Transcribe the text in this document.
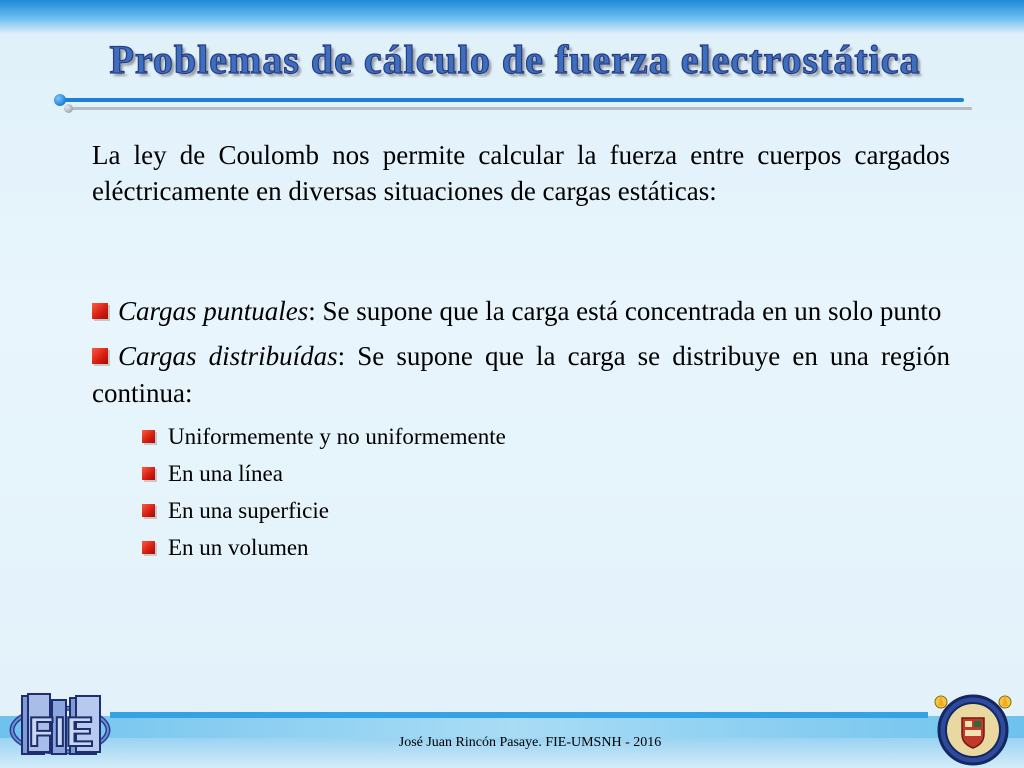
Problemas de cálculo de fuerza electrostática

La ley de Coulomb nos permite calcular la fuerza entre cuerpos cargados eléctricamente en diversas situaciones de cargas estáticas:

Cargas puntuales: Se supone que la carga está concentrada en un solo punto

Cargas distribuídas: Se supone que la carga se distribuye en una región continua:

Uniformemente y no uniformemente
En una línea
En una superficie
En un volumen
José Juan Rincón Pasaye. FIE-UMSNH - 2016
FIE
